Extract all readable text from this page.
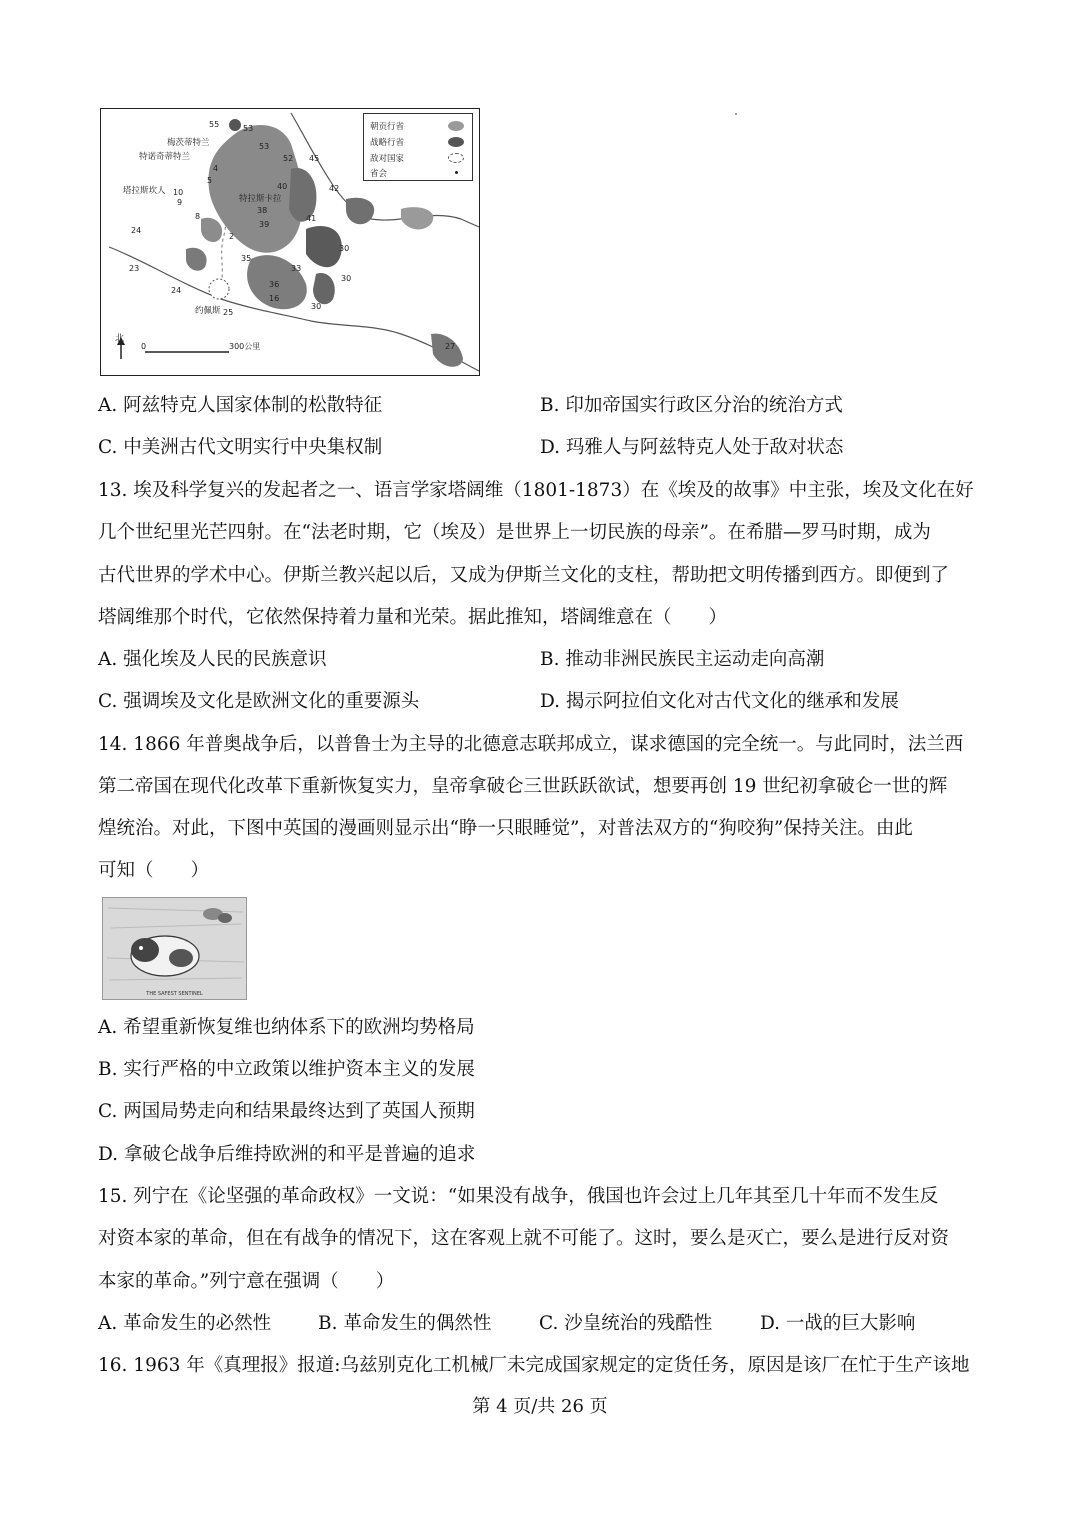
北
0	300公里
梅茨蒂特兰
特诺奇蒂特兰
塔拉斯坎人
特拉斯卡拉
约佩斯
55	53
53
52 45
42
41
40
38
39
35
36
33
30
30
30
16
25
27
24
24
23
10
9
5
4
8
2
朝贡行省
战略行省
敌对国家
省会
A. 阿兹特克人国家体制的松散特征	B. 印加帝国实行政区分治的统治方式
C. 中美洲古代文明实行中央集权制	D. 玛雅人与阿兹特克人处于敌对状态
13. 埃及科学复兴的发起者之一、语言学家塔阔维（1801-1873）在《埃及的故事》中主张，埃及文化在好
几个世纪里光芒四射。在“法老时期，它（埃及）是世界上一切民族的母亲”。在希腊—罗马时期，成为
古代世界的学术中心。伊斯兰教兴起以后，又成为伊斯兰文化的支柱，帮助把文明传播到西方。即便到了
塔阔维那个时代，它依然保持着力量和光荣。据此推知，塔阔维意在（　　）
A. 强化埃及人民的民族意识	B. 推动非洲民族民主运动走向高潮
C. 强调埃及文化是欧洲文化的重要源头	D. 揭示阿拉伯文化对古代文化的继承和发展
14. 1866 年普奥战争后，以普鲁士为主导的北德意志联邦成立，谋求德国的完全统一。与此同时，法兰西
第二帝国在现代化改革下重新恢复实力，皇帝拿破仑三世跃跃欲试，想要再创 19 世纪初拿破仑一世的辉
煌统治。对此，下图中英国的漫画则显示出“睁一只眼睡觉”，对普法双方的“狗咬狗”保持关注。由此
可知（　　）
THE SAFEST SENTINEL
A. 希望重新恢复维也纳体系下的欧洲均势格局
B. 实行严格的中立政策以维护资本主义的发展
C. 两国局势走向和结果最终达到了英国人预期
D. 拿破仑战争后维持欧洲的和平是普遍的追求
15. 列宁在《论坚强的革命政权》一文说：“如果没有战争，俄国也许会过上几年其至几十年而不发生反
对资本家的革命，但在有战争的情况下，这在客观上就不可能了。这时，要么是灭亡，要么是进行反对资
本家的革命。”列宁意在强调（　　）
A. 革命发生的必然性	B. 革命发生的偶然性	C. 沙皇统治的残酷性	D. 一战的巨大影响
16. 1963 年《真理报》报道:乌兹别克化工机械厂未完成国家规定的定货任务，原因是该厂在忙于生产该地
第 4 页/共 26 页
